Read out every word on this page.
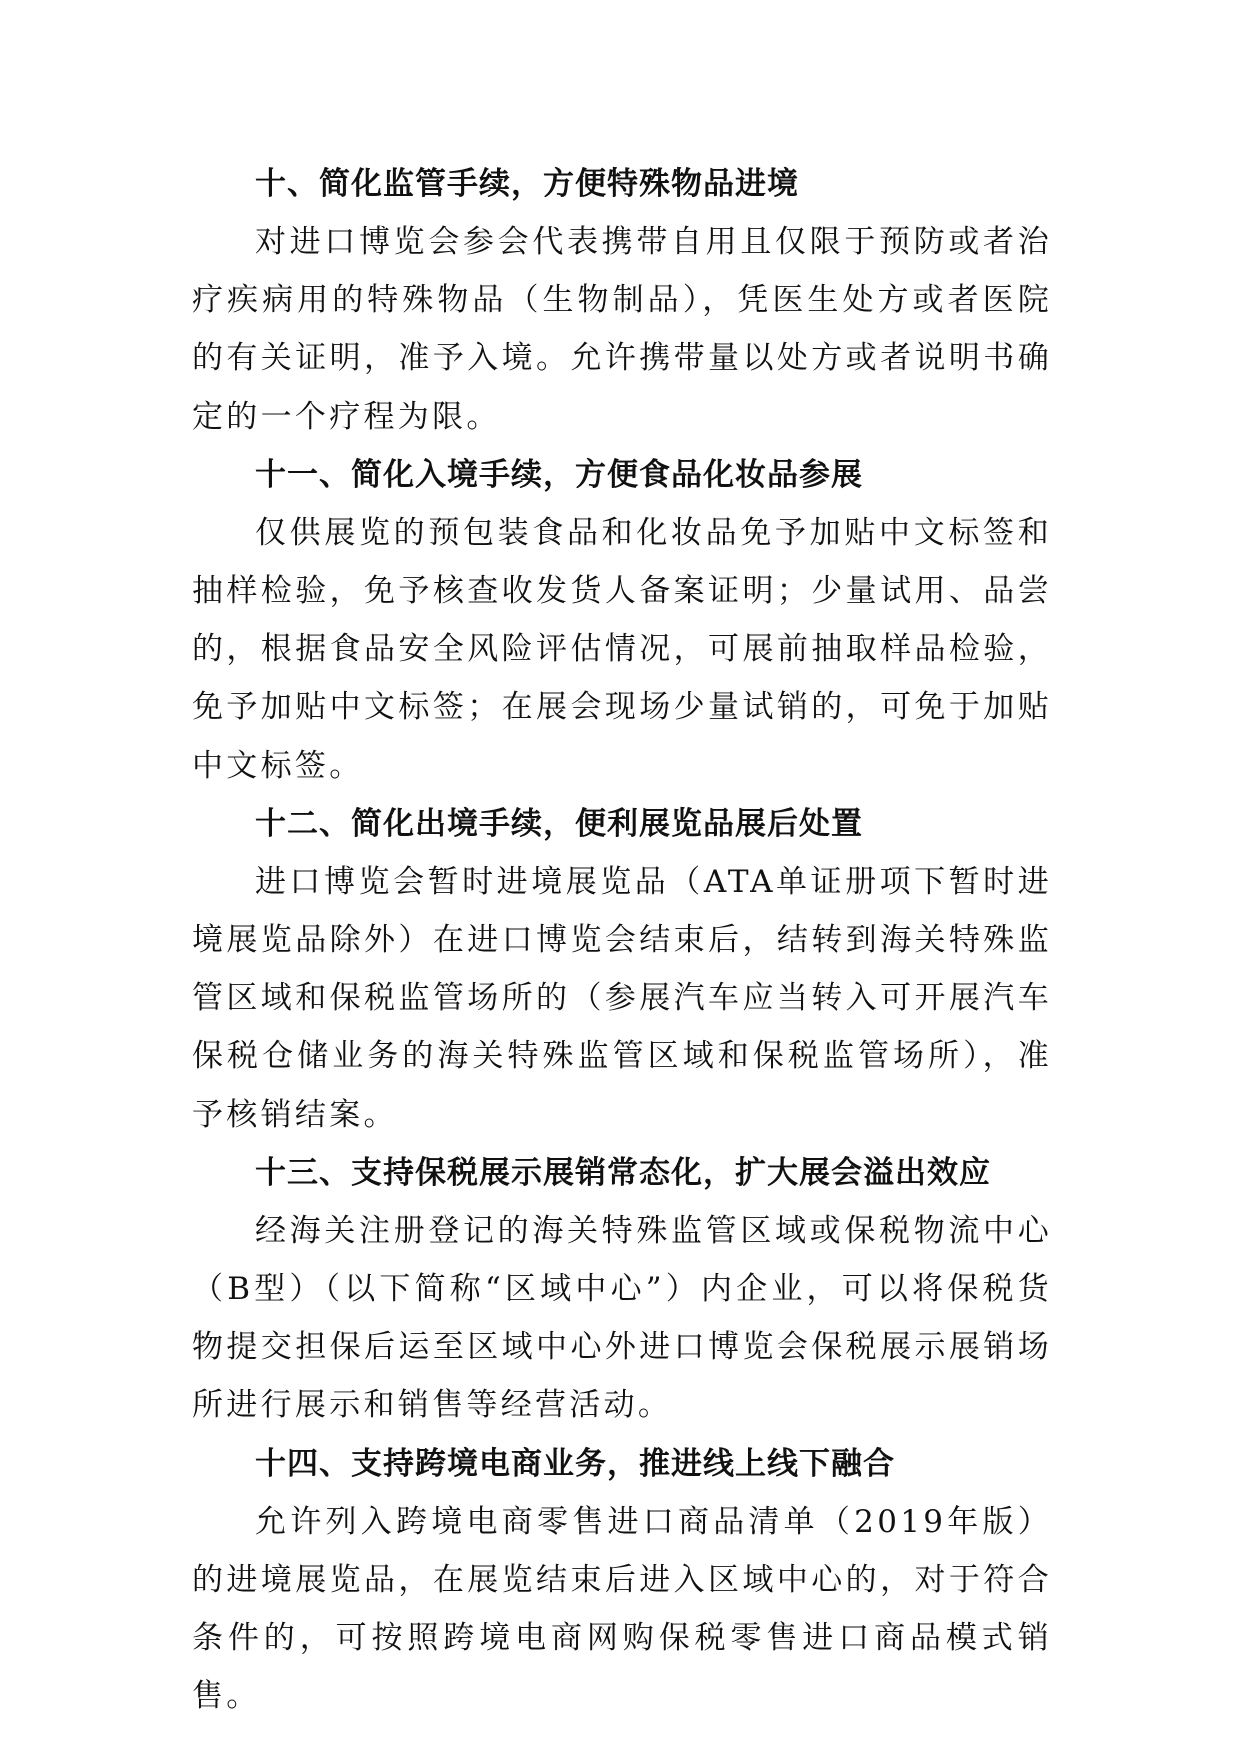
十、简化监管手续，方便特殊物品进境

对进口博览会参会代表携带自用且仅限于预防或者治疗疾病用的特殊物品（生物制品），凭医生处方或者医院的有关证明，准予入境。允许携带量以处方或者说明书确定的一个疗程为限。

十一、简化入境手续，方便食品化妆品参展

仅供展览的预包装食品和化妆品免予加贴中文标签和抽样检验，免予核查收发货人备案证明；少量试用、品尝的，根据食品安全风险评估情况，可展前抽取样品检验，免予加贴中文标签；在展会现场少量试销的，可免于加贴中文标签。

十二、简化出境手续，便利展览品展后处置

进口博览会暂时进境展览品（ATA单证册项下暂时进境展览品除外）在进口博览会结束后，结转到海关特殊监管区域和保税监管场所的（参展汽车应当转入可开展汽车保税仓储业务的海关特殊监管区域和保税监管场所），准予核销结案。

十三、支持保税展示展销常态化，扩大展会溢出效应

经海关注册登记的海关特殊监管区域或保税物流中心（B型）（以下简称“区域中心”）内企业，可以将保税货物提交担保后运至区域中心外进口博览会保税展示展销场所进行展示和销售等经营活动。

十四、支持跨境电商业务，推进线上线下融合

允许列入跨境电商零售进口商品清单（2019年版）的进境展览品，在展览结束后进入区域中心的，对于符合条件的，可按照跨境电商网购保税零售进口商品模式销售。
